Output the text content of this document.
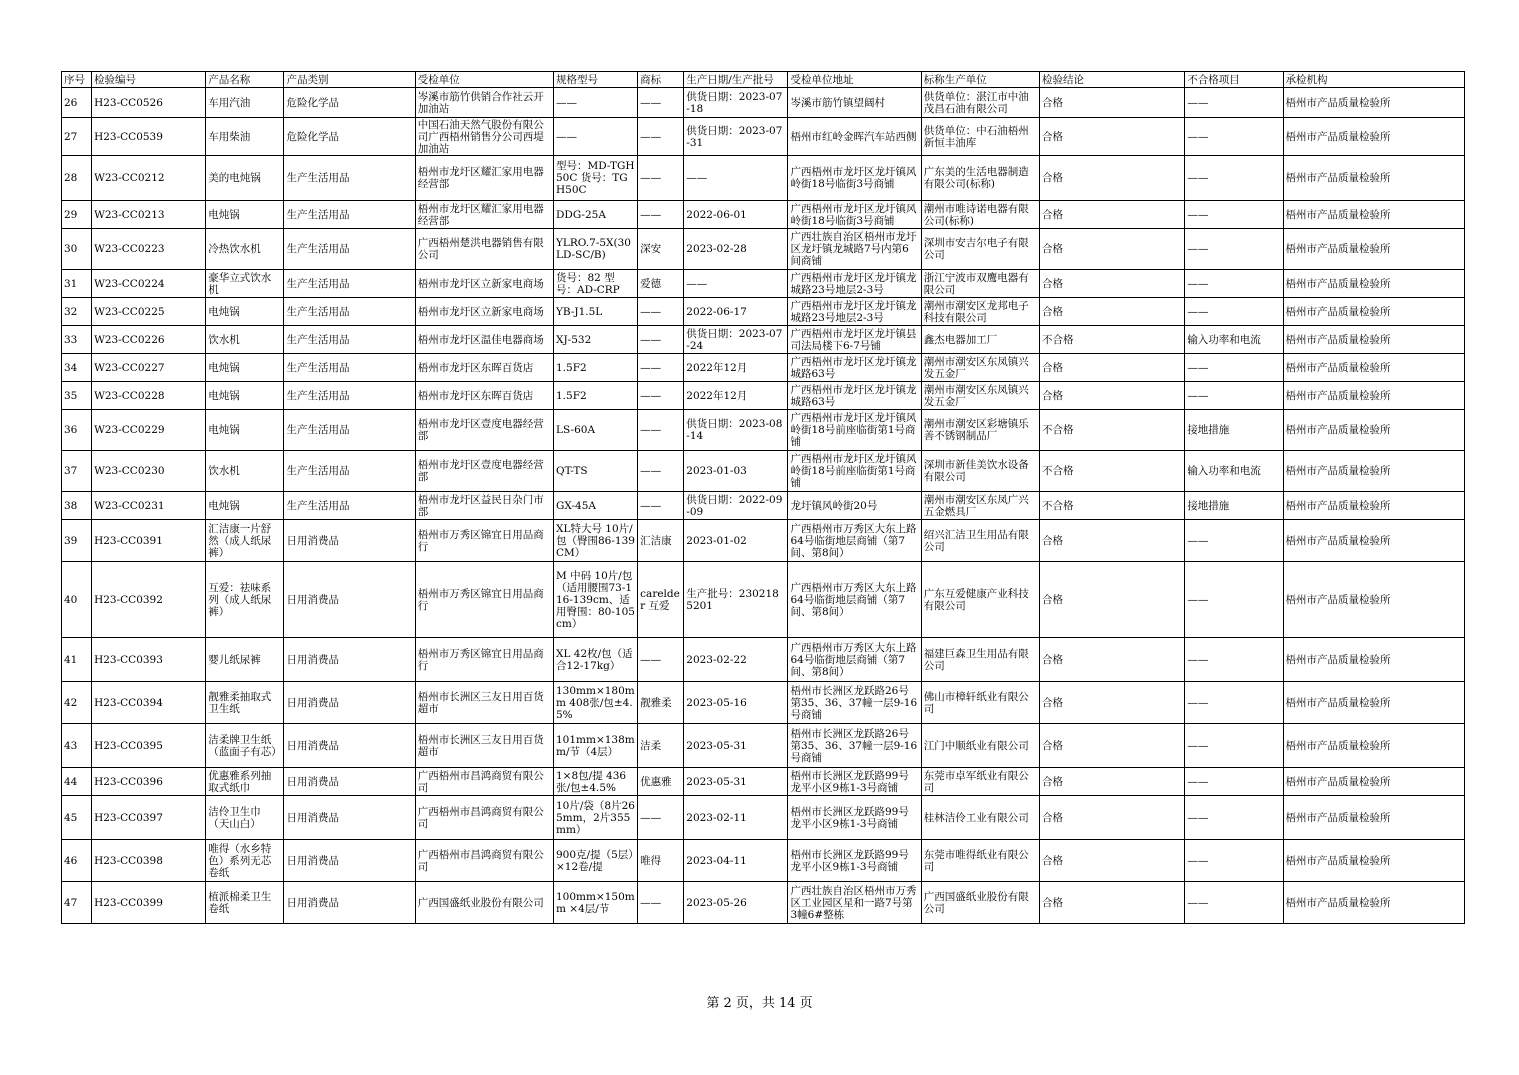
序号	检验编号	产品名称	产品类别	受检单位	规格型号	商标	生产日期/生产批号	受检单位地址	标称生产单位	检验结论	不合格项目	承检机构
26	H23-CC0526	车用汽油	危险化学品	岑溪市筋竹供销合作社云开加油站	——	——	供货日期：2023-07-18	岑溪市筋竹镇望阔村	供货单位：湛江市中油茂昌石油有限公司	合格	——	梧州市产品质量检验所
27	H23-CC0539	车用柴油	危险化学品	中国石油天然气股份有限公司广西梧州销售分公司西堤加油站	——	——	供货日期：2023-07-31	梧州市红岭金晖汽车站西侧	供货单位：中石油梧州新恒丰油库	合格	——	梧州市产品质量检验所
28	W23-CC0212	美的电炖锅	生产生活用品	梧州市龙圩区耀汇家用电器经营部	型号：MD-TGH50C 货号：TGH50C	——	——	广西梧州市龙圩区龙圩镇风岭街18号临街3号商铺	广东美的生活电器制造有限公司(标称)	合格	——	梧州市产品质量检验所
29	W23-CC0213	电炖锅	生产生活用品	梧州市龙圩区耀汇家用电器经营部	DDG-25A	——	2022-06-01	广西梧州市龙圩区龙圩镇风岭街18号临街3号商铺	潮州市唯诗诺电器有限公司(标称)	合格	——	梧州市产品质量检验所
30	W23-CC0223	冷热饮水机	生产生活用品	广西梧州楚洪电器销售有限公司	YLRO.7-5X(30LD-SC/B)	深安	2023-02-28	广西壮族自治区梧州市龙圩区龙圩镇龙城路7号内第6间商铺	深圳市安吉尔电子有限公司	合格	——	梧州市产品质量检验所
31	W23-CC0224	豪华立式饮水机	生产生活用品	梧州市龙圩区立新家电商场	货号：82 型号：AD-CRP	爱德	——	广西梧州市龙圩区龙圩镇龙城路23号地层2-3号	浙江宁波市双鹰电器有限公司	合格	——	梧州市产品质量检验所
32	W23-CC0225	电炖锅	生产生活用品	梧州市龙圩区立新家电商场	YB-J1.5L	——	2022-06-17	广西梧州市龙圩区龙圩镇龙城路23号地层2-3号	潮州市潮安区龙邦电子科技有限公司	合格	——	梧州市产品质量检验所
33	W23-CC0226	饮水机	生产生活用品	梧州市龙圩区温佳电器商场	XJ-532	——	供货日期：2023-07-24	广西梧州市龙圩区龙圩镇县司法局楼下6-7号铺	鑫杰电器加工厂	不合格	输入功率和电流	梧州市产品质量检验所
34	W23-CC0227	电炖锅	生产生活用品	梧州市龙圩区东晖百货店	1.5F2	——	2022年12月	广西梧州市龙圩区龙圩镇龙城路63号	潮州市潮安区东凤镇兴发五金厂	合格	——	梧州市产品质量检验所
35	W23-CC0228	电炖锅	生产生活用品	梧州市龙圩区东晖百货店	1.5F2	——	2022年12月	广西梧州市龙圩区龙圩镇龙城路63号	潮州市潮安区东凤镇兴发五金厂	合格	——	梧州市产品质量检验所
36	W23-CC0229	电炖锅	生产生活用品	梧州市龙圩区壹度电器经营部	LS-60A	——	供货日期：2023-08-14	广西梧州市龙圩区龙圩镇风岭街18号前座临街第1号商铺	潮州市潮安区彩塘镇乐善不锈钢制品厂	不合格	接地措施	梧州市产品质量检验所
37	W23-CC0230	饮水机	生产生活用品	梧州市龙圩区壹度电器经营部	QT-TS	——	2023-01-03	广西梧州市龙圩区龙圩镇风岭街18号前座临街第1号商铺	深圳市新佳美饮水设备有限公司	不合格	输入功率和电流	梧州市产品质量检验所
38	W23-CC0231	电炖锅	生产生活用品	梧州市龙圩区益民日杂门市部	GX-45A	——	供货日期：2022-09-09	龙圩镇风岭街20号	潮州市潮安区东凤广兴五金燃具厂	不合格	接地措施	梧州市产品质量检验所
39	H23-CC0391	汇洁康一片舒然（成人纸尿裤）	日用消费品	梧州市万秀区锦宜日用品商行	XL特大号 10片/包（臀围86-139CM）	汇洁康	2023-01-02	广西梧州市万秀区大东上路64号临街地层商铺（第7间、第8间）	绍兴汇洁卫生用品有限公司	合格	——	梧州市产品质量检验所
40	H23-CC0392	互爱：祛味系列（成人纸尿裤）	日用消费品	梧州市万秀区锦宜日用品商行	M 中码 10片/包（适用腰围73-116-139cm、适用臀围：80-105cm）	carelder 互爱	生产批号：2302185201	广西梧州市万秀区大东上路64号临街地层商铺（第7间、第8间）	广东互爱健康产业科技有限公司	合格	——	梧州市产品质量检验所
41	H23-CC0393	婴儿纸尿裤	日用消费品	梧州市万秀区锦宜日用品商行	XL 42枚/包（适合12-17kg）	——	2023-02-22	广西梧州市万秀区大东上路64号临街地层商铺（第7间、第8间）	福建巨森卫生用品有限公司	合格	——	梧州市产品质量检验所
42	H23-CC0394	靓雅柔抽取式卫生纸	日用消费品	梧州市长洲区三友日用百货超市	130mm×180mm 408张/包±4.5%	靓雅柔	2023-05-16	梧州市长洲区龙跃路26号第35、36、37幢一层9-16号商铺	佛山市樟轩纸业有限公司	合格	——	梧州市产品质量检验所
43	H23-CC0395	洁柔牌卫生纸（蓝面子有芯）	日用消费品	梧州市长洲区三友日用百货超市	101mm×138mm/节（4层）	洁柔	2023-05-31	梧州市长洲区龙跃路26号第35、36、37幢一层9-16号商铺	江门中顺纸业有限公司	合格	——	梧州市产品质量检验所
44	H23-CC0396	优惠雅系列抽取式纸巾	日用消费品	广西梧州市昌鸿商贸有限公司	1×8包/提 436张/包±4.5%	优惠雅	2023-05-31	梧州市长洲区龙跃路99号龙平小区9栋1-3号商铺	东莞市卓军纸业有限公司	合格	——	梧州市产品质量检验所
45	H23-CC0397	洁伶卫生巾（天山白）	日用消费品	广西梧州市昌鸿商贸有限公司	10片/袋（8片265mm，2片355mm）	——	2023-02-11	梧州市长洲区龙跃路99号龙平小区9栋1-3号商铺	桂林洁伶工业有限公司	合格	——	梧州市产品质量检验所
46	H23-CC0398	唯得（水乡特色）系列无芯卷纸	日用消费品	广西梧州市昌鸿商贸有限公司	900克/提（5层）×12卷/提	唯得	2023-04-11	梧州市长洲区龙跃路99号龙平小区9栋1-3号商铺	东莞市唯得纸业有限公司	合格	——	梧州市产品质量检验所
47	H23-CC0399	植派棉柔卫生卷纸	日用消费品	广西国盛纸业股份有限公司	100mm×150mm ×4层/节	——	2023-05-26	广西壮族自治区梧州市万秀区工业园区星和一路7号第3幢6#整栋	广西国盛纸业股份有限公司	合格	——	梧州市产品质量检验所
第 2 页，共 14 页
